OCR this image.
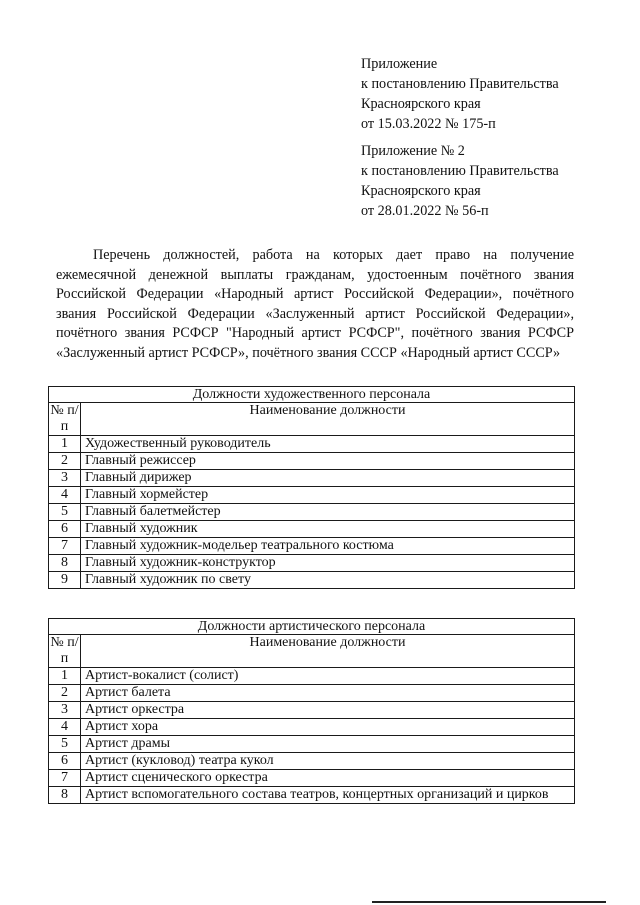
Приложение
к постановлению Правительства
Красноярского края
от 15.03.2022 № 175-п
Приложение № 2
к постановлению Правительства
Красноярского края
от 28.01.2022 № 56-п
Перечень должностей, работа на которых дает право на получение ежемесячной денежной выплаты гражданам, удостоенным почётного звания Российской Федерации «Народный артист Российской Федерации», почётного звания Российской Федерации «Заслуженный артист Российской Федерации», почётного звания РСФСР "Народный артист РСФСР", почётного звания РСФСР «Заслуженный артист РСФСР», почётного звания СССР «Народный артист СССР»
Должности художественного персонала	
№ п/п	Наименование должности
1	Художественный руководитель
2	Главный режиссер
3	Главный дирижер
4	Главный хормейстер
5	Главный балетмейстер
6	Главный художник
7	Главный художник-модельер театрального костюма
8	Главный художник-конструктор
9	Главный художник по свету
Должности артистического персонала	
№ п/п	Наименование должности
1	Артист-вокалист (солист)
2	Артист балета
3	Артист оркестра
4	Артист хора
5	Артист драмы
6	Артист (кукловод) театра кукол
7	Артист сценического оркестра
8	Артист вспомогательного состава театров, концертных организаций и цирков
